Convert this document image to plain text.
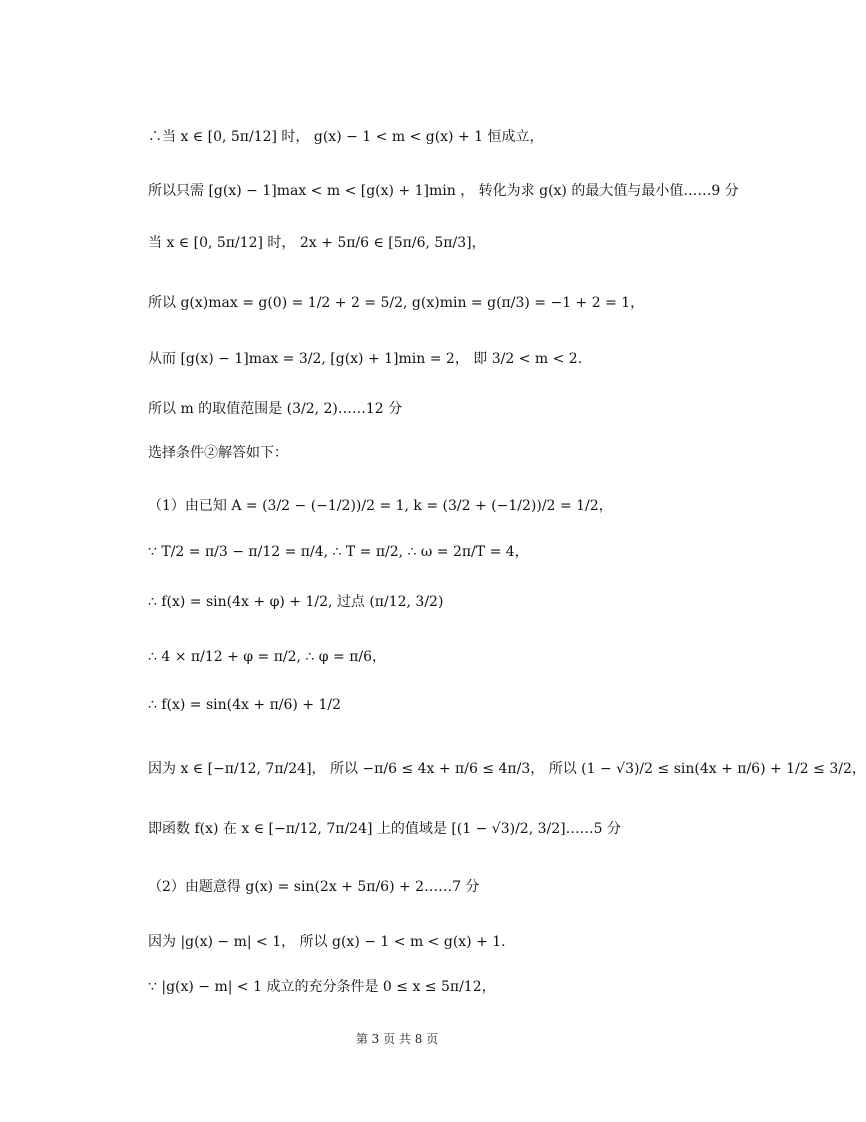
∴当 x ∈ [0, 5π/12] 时， g(x) − 1 < m < g(x) + 1 恒成立，
所以只需 [g(x) − 1]max < m < [g(x) + 1]min ， 转化为求 g(x) 的最大值与最小值……9 分
当 x ∈ [0, 5π/12] 时， 2x + 5π/6 ∈ [5π/6, 5π/3]，
所以 g(x)max = g(0) = 1/2 + 2 = 5/2, g(x)min = g(π/3) = −1 + 2 = 1，
从而 [g(x) − 1]max = 3/2, [g(x) + 1]min = 2， 即 3/2 < m < 2.
所以 m 的取值范围是 (3/2, 2)……12 分
选择条件②解答如下：
（1）由已知 A = (3/2 − (−1/2))/2 = 1, k = (3/2 + (−1/2))/2 = 1/2，
∵ T/2 = π/3 − π/12 = π/4, ∴ T = π/2, ∴ ω = 2π/T = 4，
∴ f(x) = sin(4x + φ) + 1/2, 过点 (π/12, 3/2)
∴ 4 × π/12 + φ = π/2, ∴ φ = π/6，
∴ f(x) = sin(4x + π/6) + 1/2
因为 x ∈ [−π/12, 7π/24]， 所以 −π/6 ≤ 4x + π/6 ≤ 4π/3， 所以 (1 − √3)/2 ≤ sin(4x + π/6) + 1/2 ≤ 3/2，
即函数 f(x) 在 x ∈ [−π/12, 7π/24] 上的值域是 [(1 − √3)/2, 3/2]……5 分
（2）由题意得 g(x) = sin(2x + 5π/6) + 2……7 分
因为 |g(x) − m| < 1， 所以 g(x) − 1 < m < g(x) + 1.
∵ |g(x) − m| < 1 成立的充分条件是 0 ≤ x ≤ 5π/12，
第 3 页 共 8 页
